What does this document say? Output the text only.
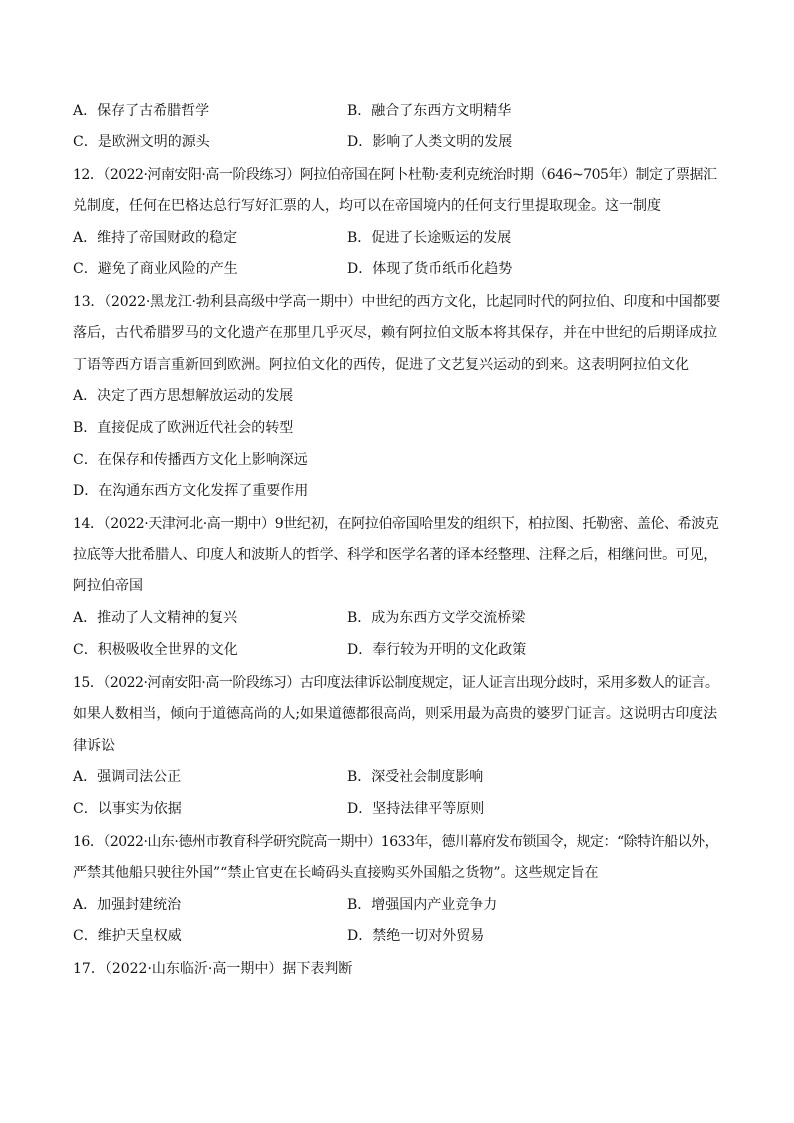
A．保存了古希腊哲学	B．融合了东西方文明精华
C．是欧洲文明的源头	D．影响了人类文明的发展
12．（2022·河南安阳·高一阶段练习）阿拉伯帝国在阿卜杜勒·麦利克统治时期（646~705年）制定了票据汇
兑制度，任何在巴格达总行写好汇票的人，均可以在帝国境内的任何支行里提取现金。这一制度
A．维持了帝国财政的稳定	B．促进了长途贩运的发展
C．避免了商业风险的产生	D．体现了货币纸币化趋势
13．（2022·黑龙江·勃利县高级中学高一期中）中世纪的西方文化，比起同时代的阿拉伯、印度和中国都要
落后，古代希腊罗马的文化遗产在那里几乎灭尽，赖有阿拉伯文版本将其保存，并在中世纪的后期译成拉
丁语等西方语言重新回到欧洲。阿拉伯文化的西传，促进了文艺复兴运动的到来。这表明阿拉伯文化
A．决定了西方思想解放运动的发展
B．直接促成了欧洲近代社会的转型
C．在保存和传播西方文化上影响深远
D．在沟通东西方文化发挥了重要作用
14．（2022·天津河北·高一期中）9世纪初，在阿拉伯帝国哈里发的组织下，柏拉图、托勒密、盖伦、希波克
拉底等大批希腊人、印度人和波斯人的哲学、科学和医学名著的译本经整理、注释之后，相继问世。可见，
阿拉伯帝国
A．推动了人文精神的复兴	B．成为东西方文学交流桥梁
C．积极吸收全世界的文化	D．奉行较为开明的文化政策
15．（2022·河南安阳·高一阶段练习）古印度法律诉讼制度规定，证人证言出现分歧时，采用多数人的证言。
如果人数相当，倾向于道德高尚的人;如果道德都很高尚，则采用最为高贵的婆罗门证言。这说明古印度法
律诉讼
A．强调司法公正	B．深受社会制度影响
C．以事实为依据	D．坚持法律平等原则
16．（2022·山东·德州市教育科学研究院高一期中）1633年，德川幕府发布锁国令，规定：“除特许船以外，
严禁其他船只驶往外国”“禁止官吏在长崎码头直接购买外国船之货物”。这些规定旨在
A．加强封建统治	B．增强国内产业竞争力
C．维护天皇权威	D．禁绝一切对外贸易
17．（2022·山东临沂·高一期中）据下表判断
